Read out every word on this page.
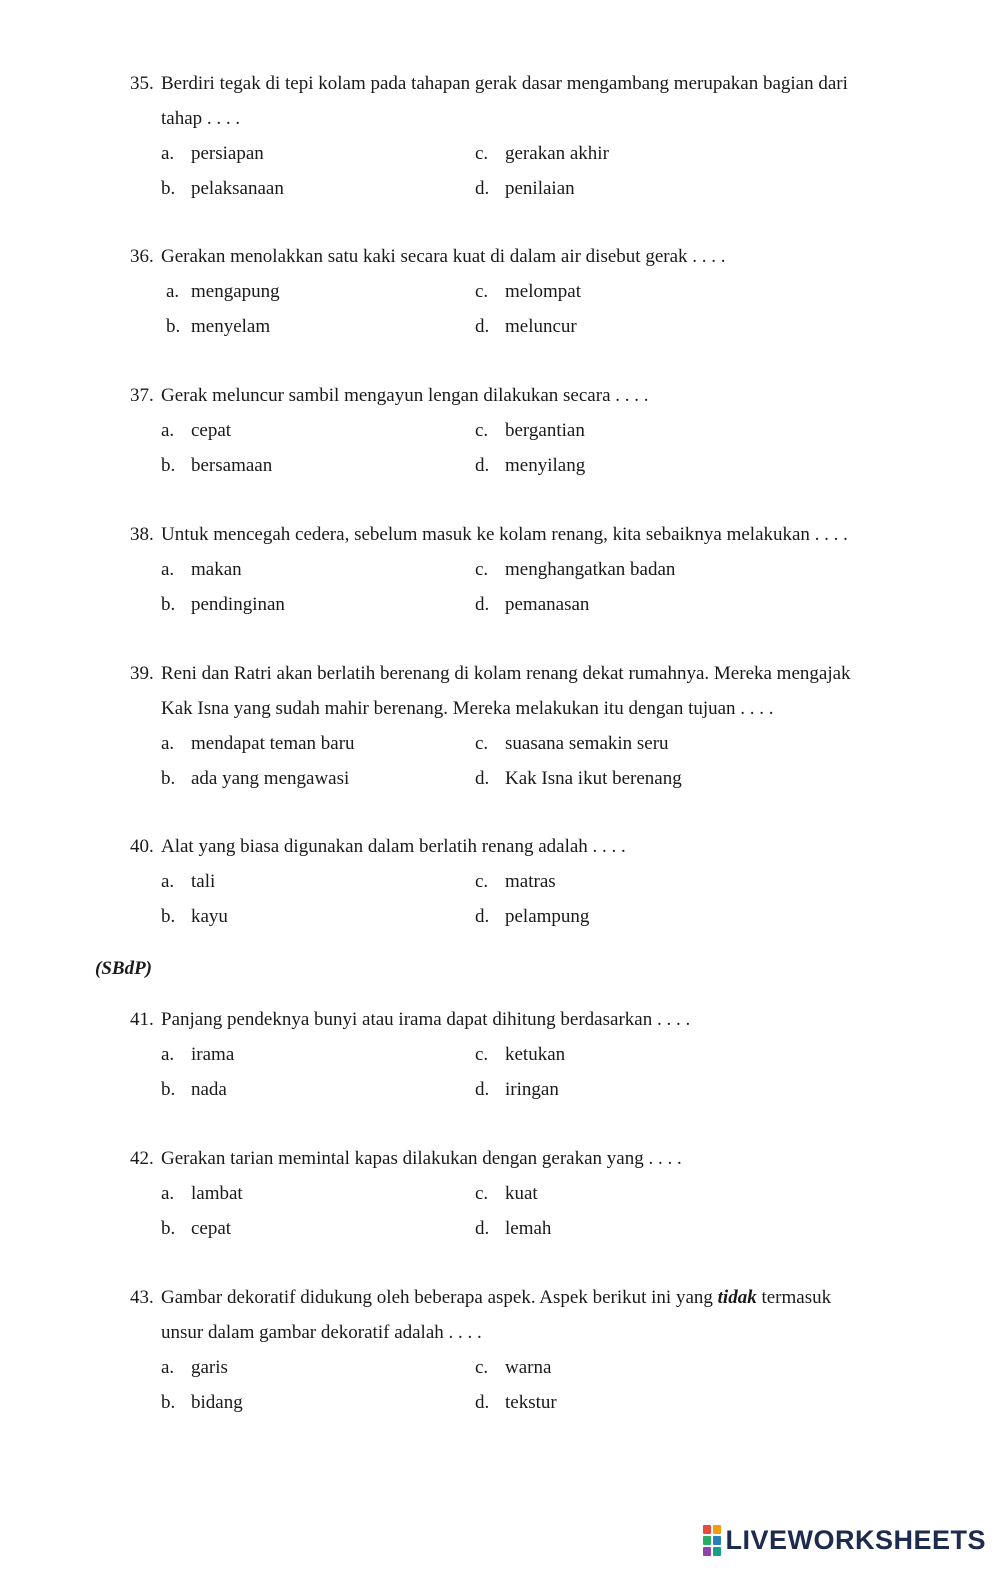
35. Berdiri tegak di tepi kolam pada tahapan gerak dasar mengambang merupakan bagian dari
tahap . . . .
a. persiapan	c. gerakan akhir
b. pelaksanaan	d. penilaian
36. Gerakan menolakkan satu kaki secara kuat di dalam air disebut gerak . . . .
a. mengapung	c. melompat
b. menyelam	d. meluncur
37. Gerak meluncur sambil mengayun lengan dilakukan secara . . . .
a. cepat	c. bergantian
b. bersamaan	d. menyilang
38. Untuk mencegah cedera, sebelum masuk ke kolam renang, kita sebaiknya melakukan . . . .
a. makan	c. menghangatkan badan
b. pendinginan	d. pemanasan
39. Reni dan Ratri akan berlatih berenang di kolam renang dekat rumahnya. Mereka mengajak
Kak Isna yang sudah mahir berenang. Mereka melakukan itu dengan tujuan . . . .
a. mendapat teman baru	c. suasana semakin seru
b. ada yang mengawasi	d. Kak Isna ikut berenang
40. Alat yang biasa digunakan dalam berlatih renang adalah . . . .
a. tali	c. matras
b. kayu	d. pelampung
41. Panjang pendeknya bunyi atau irama dapat dihitung berdasarkan . . . .
a. irama	c. ketukan
b. nada	d. iringan
42. Gerakan tarian memintal kapas dilakukan dengan gerakan yang . . . .
a. lambat	c. kuat
b. cepat	d. lemah
43. Gambar dekoratif didukung oleh beberapa aspek. Aspek berikut ini yang tidak termasuk
unsur dalam gambar dekoratif adalah . . . .
a. garis	c. warna
b. bidang	d. tekstur
(SBdP)
LIVEWORKSHEETS
